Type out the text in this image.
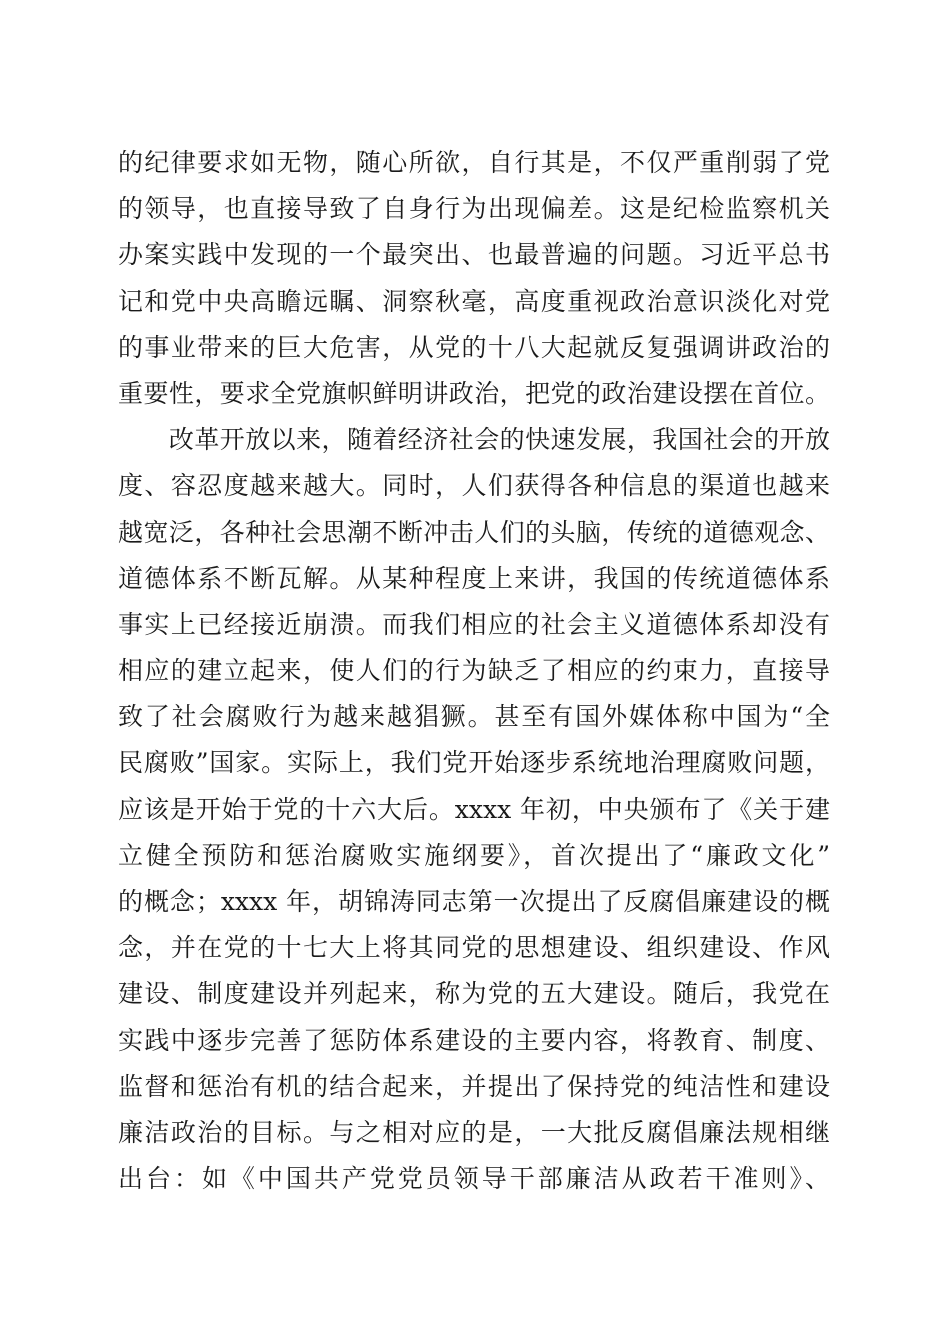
的纪律要求如无物，随心所欲，自行其是，不仅严重削弱了党
的领导，也直接导致了自身行为出现偏差。这是纪检监察机关
办案实践中发现的一个最突出、也最普遍的问题。习近平总书
记和党中央高瞻远瞩、洞察秋毫，高度重视政治意识淡化对党
的事业带来的巨大危害，从党的十八大起就反复强调讲政治的
重要性，要求全党旗帜鲜明讲政治，把党的政治建设摆在首位。
　　改革开放以来，随着经济社会的快速发展，我国社会的开放
度、容忍度越来越大。同时，人们获得各种信息的渠道也越来
越宽泛，各种社会思潮不断冲击人们的头脑，传统的道德观念、
道德体系不断瓦解。从某种程度上来讲，我国的传统道德体系
事实上已经接近崩溃。而我们相应的社会主义道德体系却没有
相应的建立起来，使人们的行为缺乏了相应的约束力，直接导
致了社会腐败行为越来越猖獗。甚至有国外媒体称中国为“全
民腐败”国家。实际上，我们党开始逐步系统地治理腐败问题，
应该是开始于党的十六大后。xxxx 年初，中央颁布了《关于建
立健全预防和惩治腐败实施纲要》，首次提出了“廉政文化”
的概念；xxxx 年，胡锦涛同志第一次提出了反腐倡廉建设的概
念，并在党的十七大上将其同党的思想建设、组织建设、作风
建设、制度建设并列起来，称为党的五大建设。随后，我党在
实践中逐步完善了惩防体系建设的主要内容，将教育、制度、
监督和惩治有机的结合起来，并提出了保持党的纯洁性和建设
廉洁政治的目标。与之相对应的是，一大批反腐倡廉法规相继
出台：如《中国共产党党员领导干部廉洁从政若干准则》、
